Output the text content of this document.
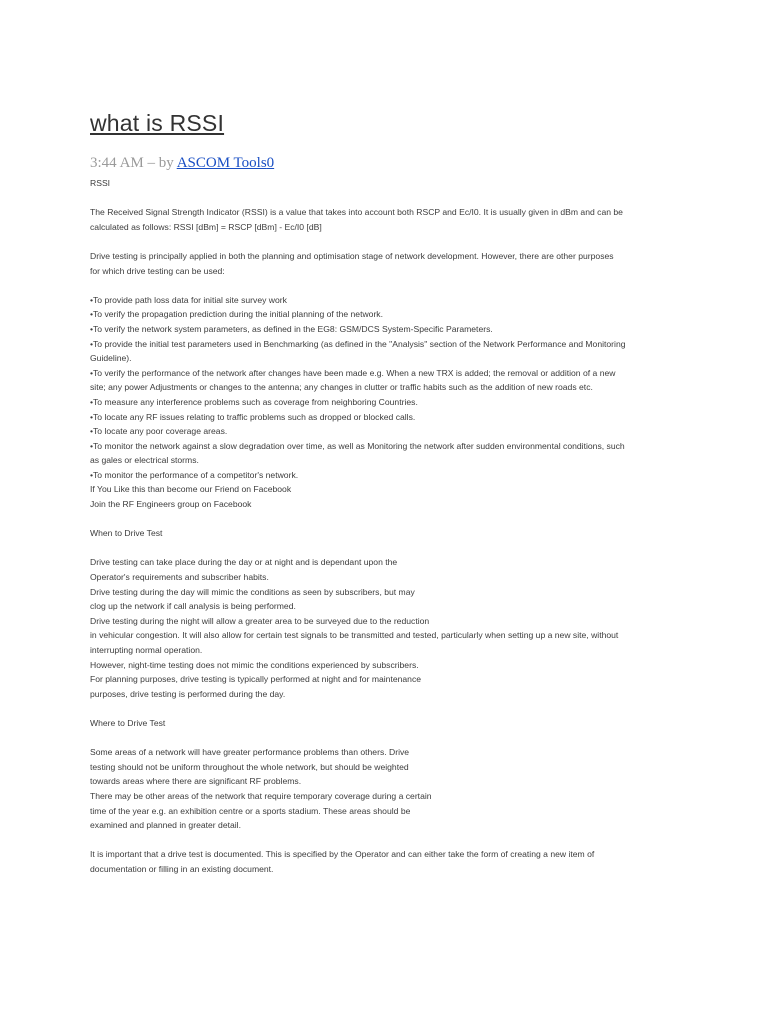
what is RSSI
3:44 AM – by ASCOM Tools0

RSSI

The Received Signal Strength Indicator (RSSI) is a value that takes into account both RSCP and Ec/I0. It is usually given in dBm and can be

calculated as follows: RSSI [dBm] = RSCP [dBm] - Ec/I0 [dB]

Drive testing is principally applied in both the planning and optimisation stage of network development. However, there are other purposes

for which drive testing can be used:

•To provide path loss data for initial site survey work

•To verify the propagation prediction during the initial planning of the network.

•To verify the network system parameters, as defined in the EG8: GSM/DCS System-Specific Parameters.

•To provide the initial test parameters used in Benchmarking (as defined in the "Analysis" section of the Network Performance and Monitoring

Guideline).

•To verify the performance of the network after changes have been made e.g. When a new TRX is added; the removal or addition of a new

site; any power Adjustments or changes to the antenna; any changes in clutter or traffic habits such as the addition of new roads etc.

•To measure any interference problems such as coverage from neighboring Countries.

•To locate any RF issues relating to traffic problems such as dropped or blocked calls.

•To locate any poor coverage areas.

•To monitor the network against a slow degradation over time, as well as Monitoring the network after sudden environmental conditions, such

as gales or electrical storms.

•To monitor the performance of a competitor's network.

If You Like this than become our Friend on Facebook

Join the RF Engineers group on Facebook

When to Drive Test

Drive testing can take place during the day or at night and is dependant upon the

Operator's requirements and subscriber habits.

Drive testing during the day will mimic the conditions as seen by subscribers, but may

clog up the network if call analysis is being performed.

Drive testing during the night will allow a greater area to be surveyed due to the reduction

in vehicular congestion. It will also allow for certain test signals to be transmitted and tested, particularly when setting up a new site, without

interrupting normal operation.

However, night-time testing does not mimic the conditions experienced by subscribers.

For planning purposes, drive testing is typically performed at night and for maintenance

purposes, drive testing is performed during the day.

Where to Drive Test

Some areas of a network will have greater performance problems than others. Drive

testing should not be uniform throughout the whole network, but should be weighted

towards areas where there are significant RF problems.

There may be other areas of the network that require temporary coverage during a certain

time of the year e.g. an exhibition centre or a sports stadium. These areas should be

examined and planned in greater detail.

It is important that a drive test is documented. This is specified by the Operator and can either take the form of creating a new item of

documentation or filling in an existing document.
